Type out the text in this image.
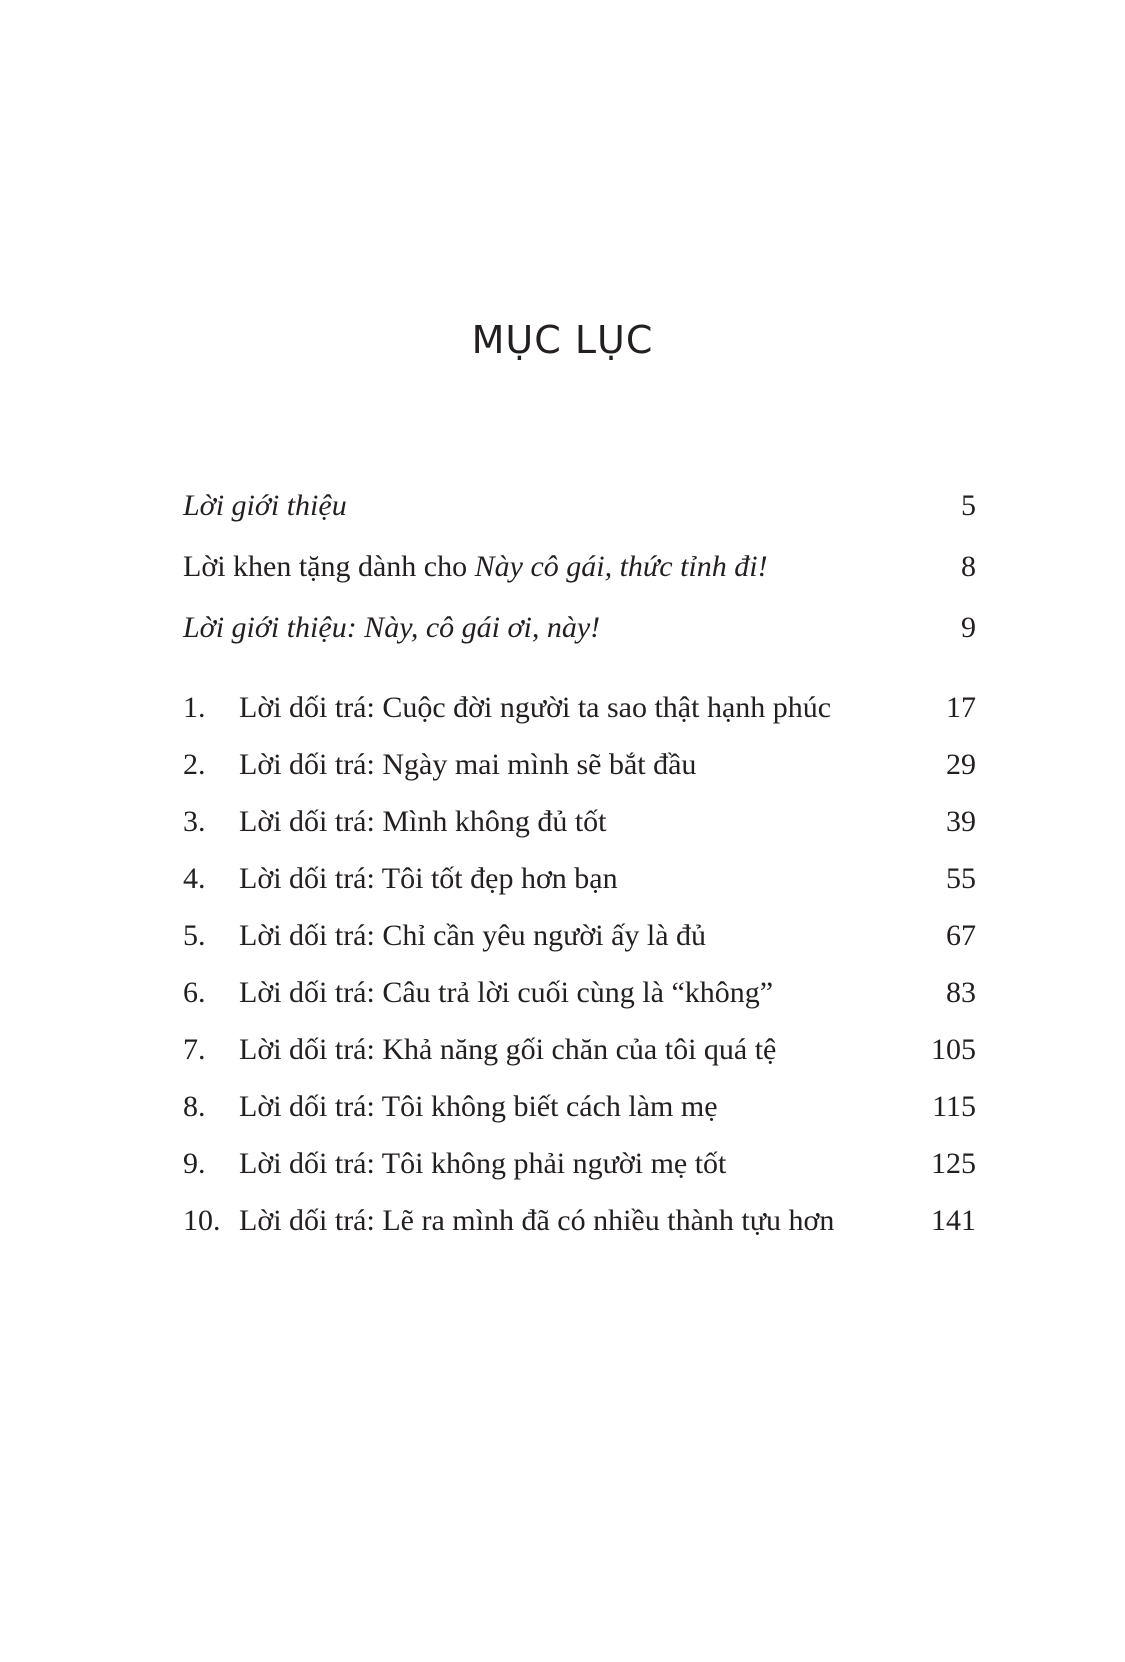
MỤC LỤC
Lời giới thiệu	5
Lời khen tặng dành cho Này cô gái, thức tỉnh đi!	8
Lời giới thiệu: Này, cô gái ơi, này!	9
1. Lời dối trá: Cuộc đời người ta sao thật hạnh phúc	17
2. Lời dối trá: Ngày mai mình sẽ bắt đầu	29
3. Lời dối trá: Mình không đủ tốt	39
4. Lời dối trá: Tôi tốt đẹp hơn bạn	55
5. Lời dối trá: Chỉ cần yêu người ấy là đủ	67
6. Lời dối trá: Câu trả lời cuối cùng là “không”	83
7. Lời dối trá: Khả năng gối chăn của tôi quá tệ	105
8. Lời dối trá: Tôi không biết cách làm mẹ	115
9. Lời dối trá: Tôi không phải người mẹ tốt	125
10. Lời dối trá: Lẽ ra mình đã có nhiều thành tựu hơn	141
